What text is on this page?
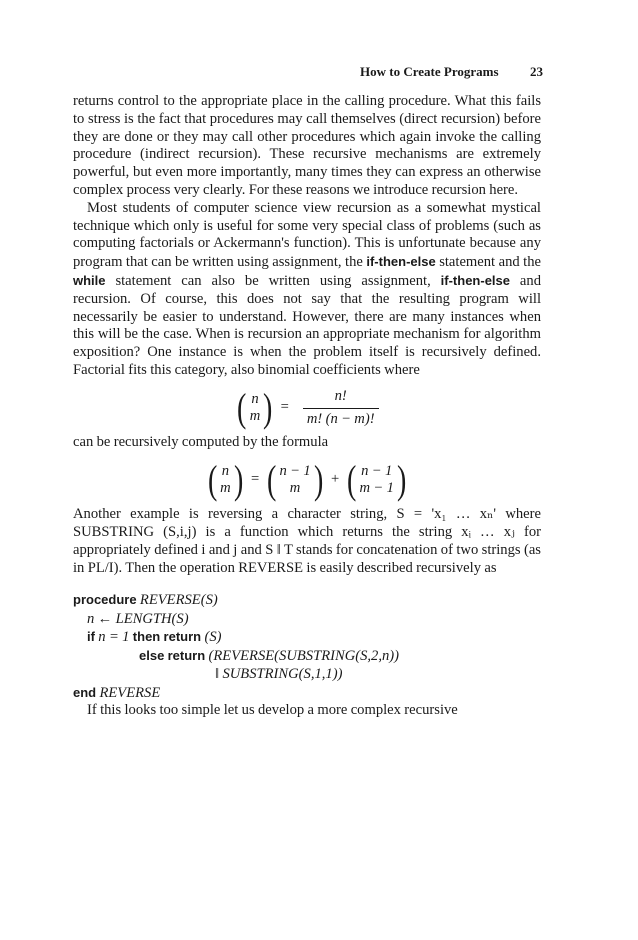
How to Create Programs 23

returns control to the appropriate place in the calling procedure. What this fails to stress is the fact that procedures may call themselves (direct recursion) before they are done or they may call other procedures which again invoke the calling procedure (indirect recursion). These recursive mechanisms are extremely powerful, but even more importantly, many times they can express an otherwise complex process very clearly. For these reasons we introduce recursion here.

Most students of computer science view recursion as a somewhat mystical technique which only is useful for some very special class of problems (such as computing factorials or Ackermann's function). This is unfortunate because any program that can be written using assignment, the if-then-else statement and the while statement can also be written using assignment, if-then-else and recursion. Of course, this does not say that the resulting program will necessarily be easier to understand. However, there are many instances when this will be the case. When is recursion an appropriate mechanism for algorithm exposition? One instance is when the problem itself is recursively defined. Factorial fits this category, also binomial coefficients where

( n
m ) = $\frac{n!}{m! (n - m)!}$

can be recursively computed by the formula

( n
m ) = ( n − 1
m ) + ( n − 1
m − 1 )

Another example is reversing a character string, S = 'x₁ … xₙ' where SUBSTRING (S,i,j) is a function which returns the string xᵢ … xⱼ for appropriately defined i and j and S ‖ T stands for concatenation of two strings (as in PL/I). Then the operation REVERSE is easily described recursively as

procedure REVERSE(S)
n ← LENGTH(S)
if n = 1 then return (S)
else return (REVERSE(SUBSTRING(S,2,n))
‖ SUBSTRING(S,1,1))
end REVERSE

If this looks too simple let us develop a more complex recursive
